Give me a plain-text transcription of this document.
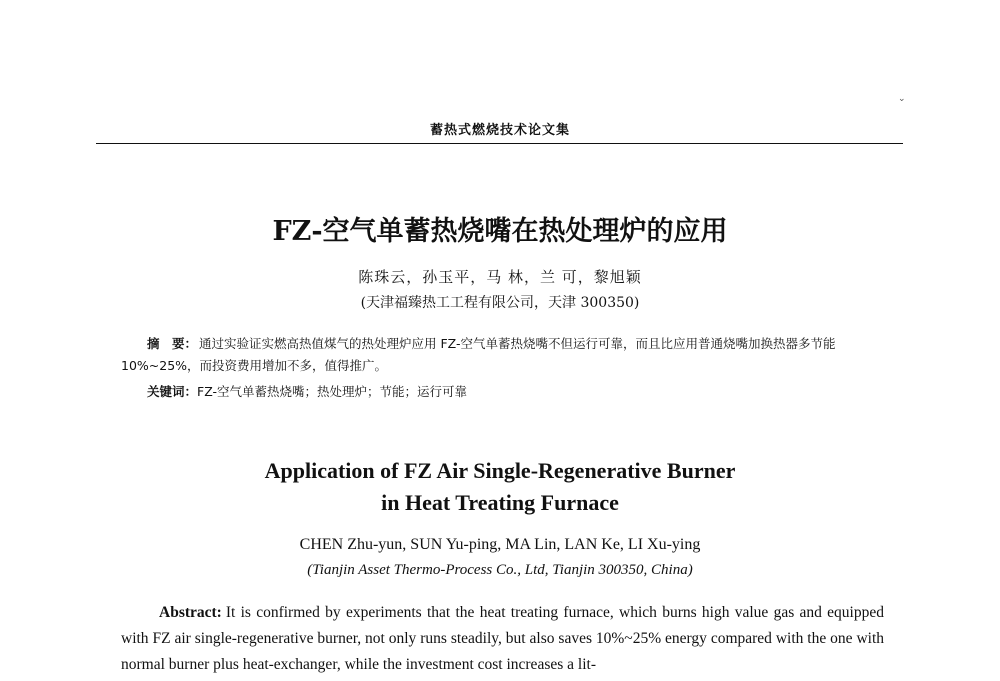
⌄
蓄热式燃烧技术论文集
FZ-空气单蓄热烧嘴在热处理炉的应用
陈珠云，孙玉平，马 林，兰 可，黎旭颖
(天津福臻热工工程有限公司，天津 300350)
摘　要： 通过实验证实燃高热值煤气的热处理炉应用 FZ-空气单蓄热烧嘴不但运行可靠，而且比应用普通烧嘴加换热器多节能 10%~25%，而投资费用增加不多，值得推广。
关键词：FZ-空气单蓄热烧嘴；热处理炉；节能；运行可靠
Application of FZ Air Single-Regenerative Burner
in Heat Treating Furnace
CHEN Zhu-yun, SUN Yu-ping, MA Lin, LAN Ke, LI Xu-ying
(Tianjin Asset Thermo-Process Co., Ltd, Tianjin 300350, China)
Abstract: It is confirmed by experiments that the heat treating furnace, which burns high value gas and equipped with FZ air single-regenerative burner, not only runs steadily, but also saves 10%~25% energy compared with the one with normal burner plus heat-exchanger, while the investment cost increases a lit-
